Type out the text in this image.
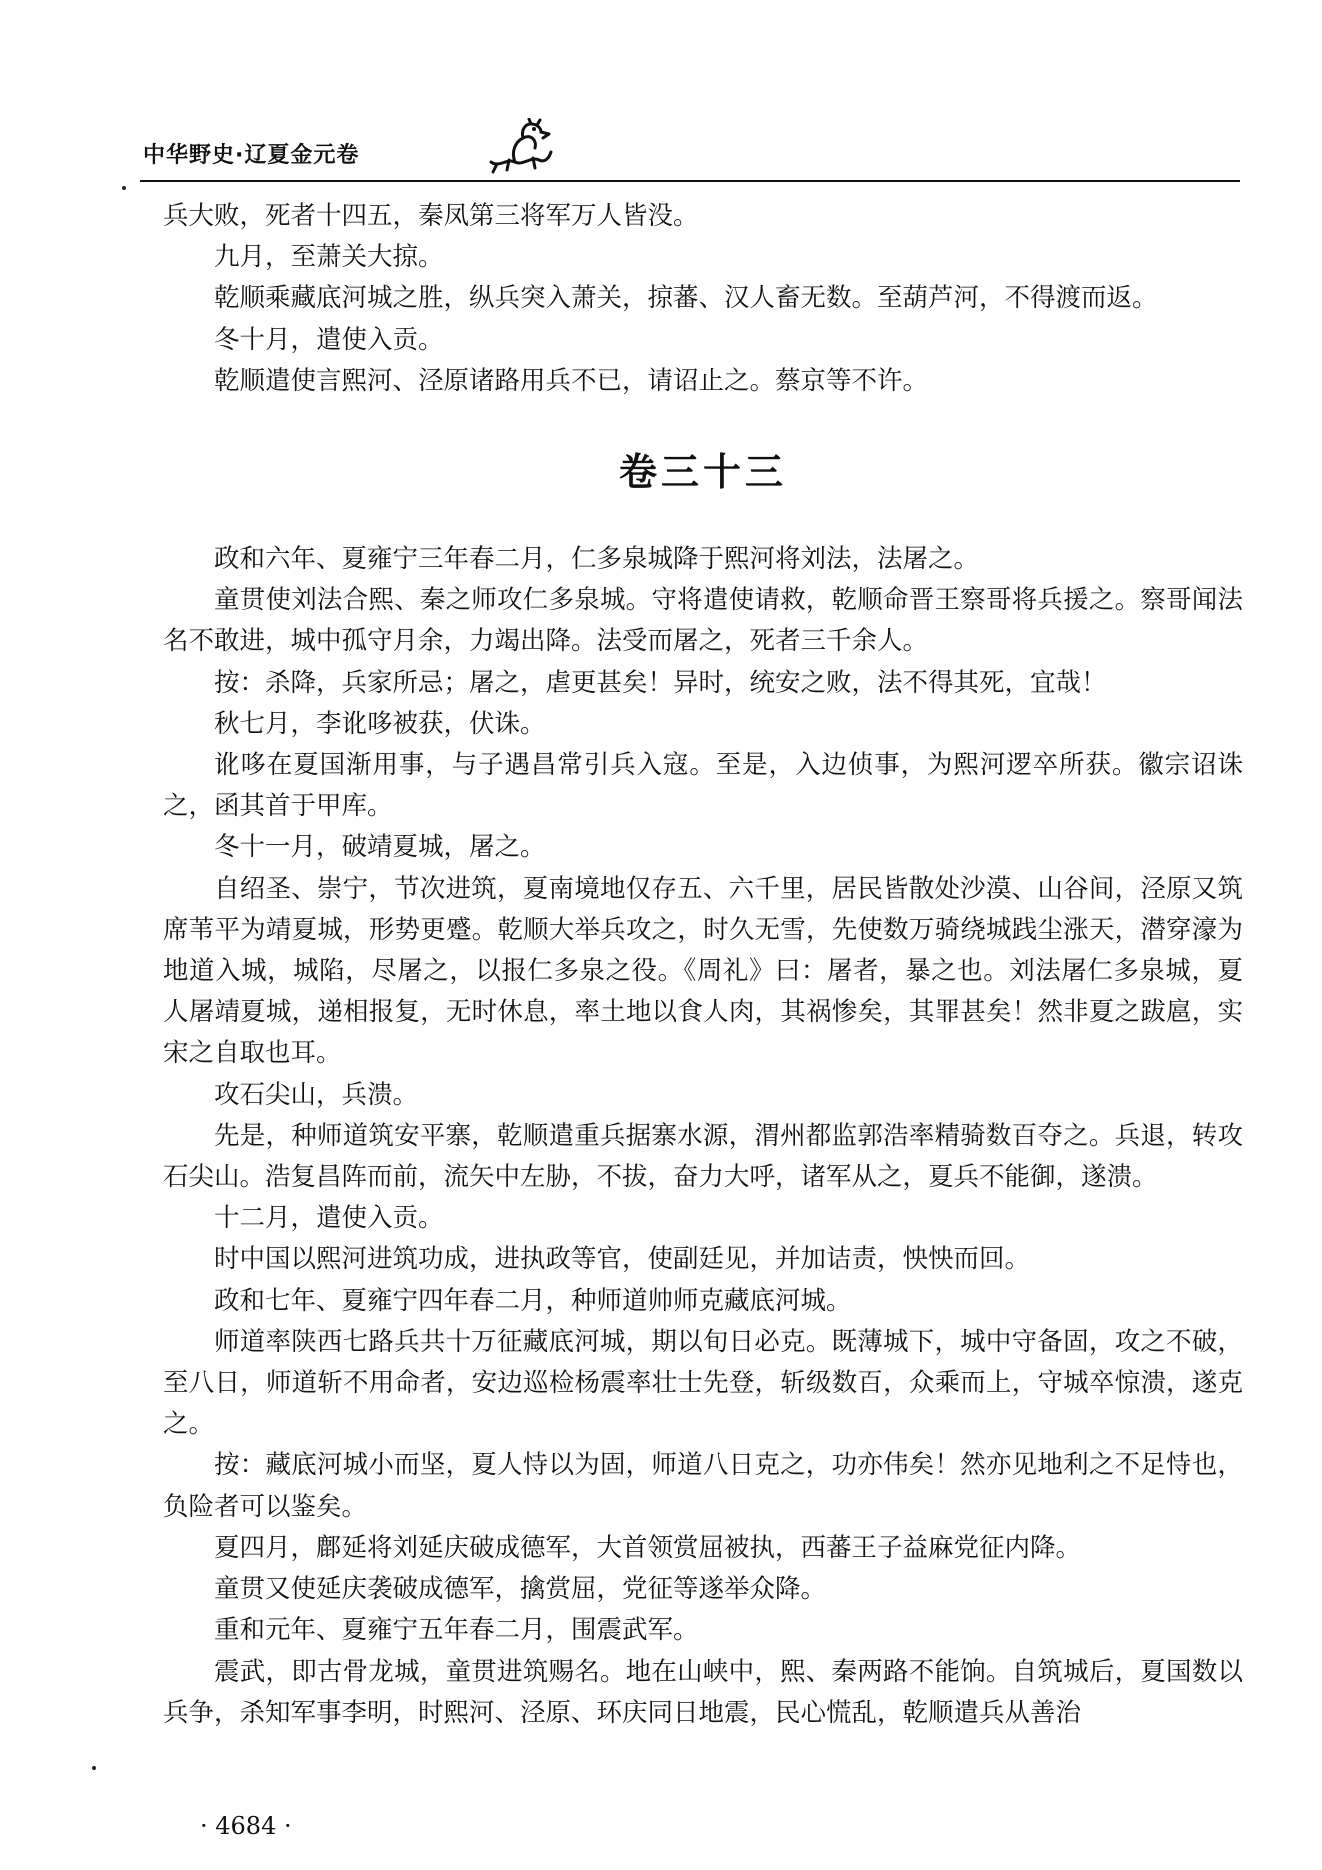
中华野史·辽夏金元卷

兵大败，死者十四五，秦凤第三将军万人皆没。

九月，至萧关大掠。

乾顺乘藏底河城之胜，纵兵突入萧关，掠蕃、汉人畜无数。至葫芦河，不得渡而返。

冬十月，遣使入贡。

乾顺遣使言熙河、泾原诸路用兵不已，请诏止之。蔡京等不许。

卷三十三

政和六年、夏雍宁三年春二月，仁多泉城降于熙河将刘法，法屠之。

童贯使刘法合熙、秦之师攻仁多泉城。守将遣使请救，乾顺命晋王察哥将兵援之。察哥闻法名不敢进，城中孤守月余，力竭出降。法受而屠之，死者三千余人。

按：杀降，兵家所忌；屠之，虐更甚矣！异时，统安之败，法不得其死，宜哉！

秋七月，李讹哆被获，伏诛。

讹哆在夏国渐用事，与子遇昌常引兵入寇。至是，入边侦事，为熙河逻卒所获。徽宗诏诛之，函其首于甲库。

冬十一月，破靖夏城，屠之。

自绍圣、崇宁，节次进筑，夏南境地仅存五、六千里，居民皆散处沙漠、山谷间，泾原又筑席苇平为靖夏城，形势更蹙。乾顺大举兵攻之，时久无雪，先使数万骑绕城践尘涨天，潜穿濠为地道入城，城陷，尽屠之，以报仁多泉之役。《周礼》曰：屠者，暴之也。刘法屠仁多泉城，夏人屠靖夏城，递相报复，无时休息，率土地以食人肉，其祸惨矣，其罪甚矣！然非夏之跋扈，实宋之自取也耳。

攻石尖山，兵溃。

先是，种师道筑安平寨，乾顺遣重兵据寨水源，渭州都监郭浩率精骑数百夺之。兵退，转攻石尖山。浩复昌阵而前，流矢中左胁，不拔，奋力大呼，诸军从之，夏兵不能御，遂溃。

十二月，遣使入贡。

时中国以熙河进筑功成，进执政等官，使副廷见，并加诘责，怏怏而回。

政和七年、夏雍宁四年春二月，种师道帅师克藏底河城。

师道率陕西七路兵共十万征藏底河城，期以旬日必克。既薄城下，城中守备固，攻之不破，至八日，师道斩不用命者，安边巡检杨震率壮士先登，斩级数百，众乘而上，守城卒惊溃，遂克之。

按：藏底河城小而坚，夏人恃以为固，师道八日克之，功亦伟矣！然亦见地利之不足恃也，负险者可以鉴矣。

夏四月，鄜延将刘延庆破成德军，大首领赏屈被执，西蕃王子益麻党征内降。

童贯又使延庆袭破成德军，擒赏屈，党征等遂举众降。

重和元年、夏雍宁五年春二月，围震武军。

震武，即古骨龙城，童贯进筑赐名。地在山峡中，熙、秦两路不能饷。自筑城后，夏国数以兵争，杀知军事李明，时熙河、泾原、环庆同日地震，民心慌乱，乾顺遣兵从善治

· 4684 ·
